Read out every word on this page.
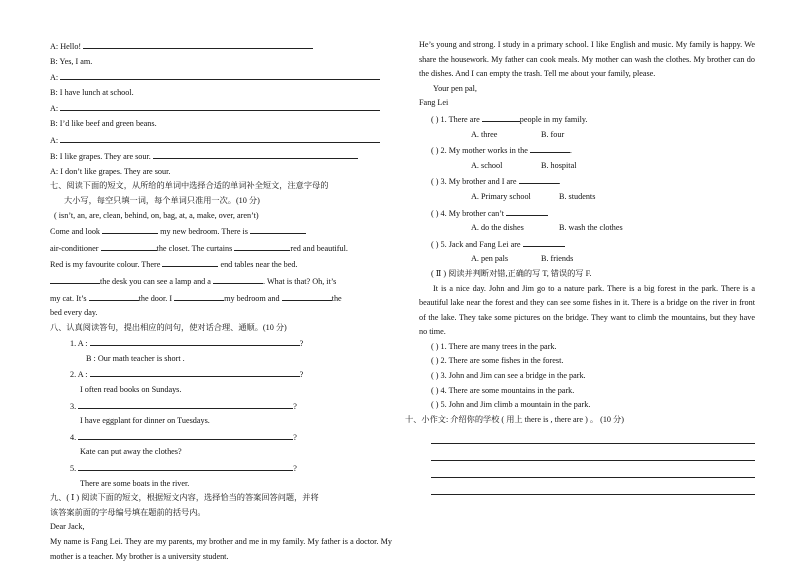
A: Hello!
B: Yes, I am.
A:
B: I have lunch at school.
A:
B: I’d like beef and green beans.
A:
B: I like grapes. They are sour.
A: I don’t like grapes. They are sour.
七、阅读下面的短文，从所给的单词中选择合适的单词补全短文，注意字母的
大小写，每空只填一词，每个单词只准用一次。(10 分)
( isn’t, an, are, clean, behind, on, bag, at, a, make, over, aren’t)
Come and look	my new bedroom. There is
air-conditioner	the closet. The curtains	red and beautiful.
Red is my favourite colour. There	end tables near the bed.
the desk you can see a lamp and a	. What is that? Oh, it’s
my cat. It’s	the door. I	my bedroom and	the
bed every day.
八、认真阅读答句，提出相应的问句，使对话合理、通顺。(10 分)
1. A :	?
B : Our math teacher is short .
2. A :	?
I often read books on Sundays.
3.	?
I have eggplant for dinner on Tuesdays.
4.	?
Kate can put away the clothes?
5.	?
There are some boats in the river.
九、( Ⅰ ) 阅读下面的短文，根据短文内容，选择恰当的答案回答问题，并将
该答案前面的字母编号填在题前的括号内。
Dear Jack,
My name is Fang Lei. They are my parents, my brother and me in my family. My father is a doctor. My mother is a teacher. My brother is a university student.
He’s young and strong. I study in a primary school. I like English and music. My family is happy. We share the housework. My father can cook meals. My mother can wash the clothes. My brother can do the dishes. And I can empty the trash. Tell me about your family, please.
Your pen pal,
Fang Lei
( ) 1. There are	people in my family.
A. three	B. four
( ) 2. My mother works in the	.
A. school	B. hospital
( ) 3. My brother and I are	.
A. Primary school	B. students
( ) 4. My brother can’t
A. do the dishes	B. wash the clothes
( ) 5. Jack and Fang Lei are
A. pen pals	B. friends
( Ⅱ ) 阅读并判断对错,正确的写 T, 错误的写 F.
It is a nice day. John and Jim go to a nature park. There is a big forest in the park. There is a beautiful lake near the forest and they can see some fishes in it. There is a bridge on the river in front of the lake. They take some pictures on the bridge. They want to climb the mountains, but they have no time.
( ) 1. There are many trees in the park.
( ) 2. There are some fishes in the forest.
( ) 3. John and Jim can see a bridge in the park.
( ) 4. There are some mountains in the park.
( ) 5. John and Jim climb a mountain in the park.
十、小作文: 介绍你的学校 ( 用上 there is , there are ) 。 (10 分)
